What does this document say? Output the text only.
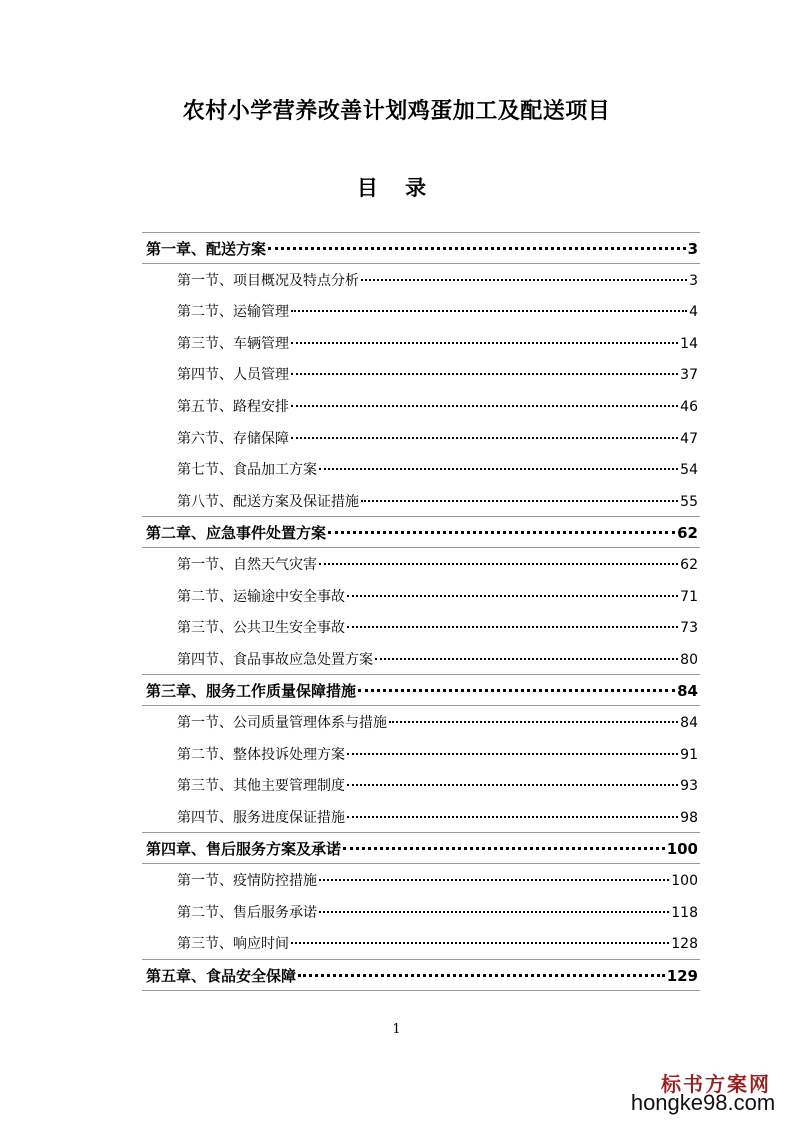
农村小学营养改善计划鸡蛋加工及配送项目
目 录
第一章、配送方案	3
第一节、项目概况及特点分析	3
第二节、运输管理	4
第三节、车辆管理	14
第四节、人员管理	37
第五节、路程安排	46
第六节、存储保障	47
第七节、食品加工方案	54
第八节、配送方案及保证措施	55
第二章、应急事件处置方案	62
第一节、自然天气灾害	62
第二节、运输途中安全事故	71
第三节、公共卫生安全事故	73
第四节、食品事故应急处置方案	80
第三章、服务工作质量保障措施	84
第一节、公司质量管理体系与措施	84
第二节、整体投诉处理方案	91
第三节、其他主要管理制度	93
第四节、服务进度保证措施	98
第四章、售后服务方案及承诺	100
第一节、疫情防控措施	100
第二节、售后服务承诺	118
第三节、响应时间	128
第五章、食品安全保障	129
1
标书方案网
hongke98.com
